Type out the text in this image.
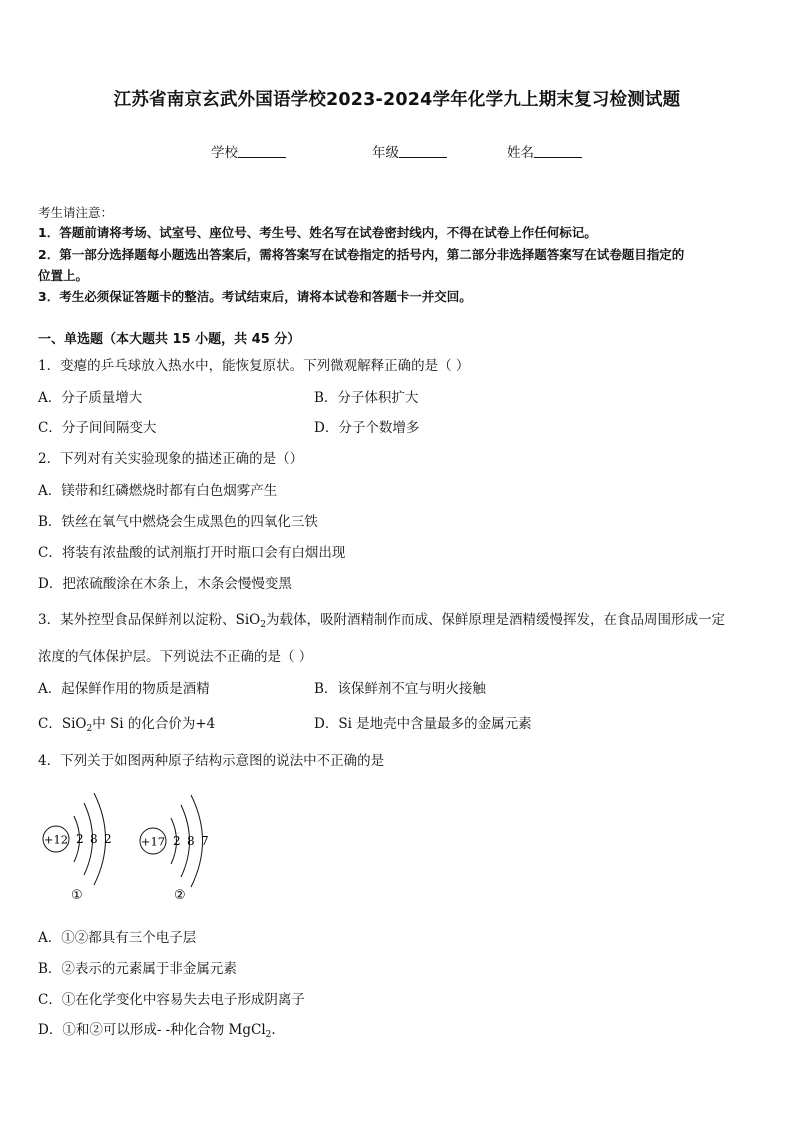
江苏省南京玄武外国语学校2023-2024学年化学九上期末复习检测试题
学校	年级	姓名
考生请注意：
1．答题前请将考场、试室号、座位号、考生号、姓名写在试卷密封线内，不得在试卷上作任何标记。
2．第一部分选择题每小题选出答案后，需将答案写在试卷指定的括号内，第二部分非选择题答案写在试卷题目指定的
位置上。
3．考生必须保证答题卡的整洁。考试结束后，请将本试卷和答题卡一并交回。
一、单选题（本大题共 15 小题，共 45 分）
1．变瘪的乒乓球放入热水中，能恢复原状。下列微观解释正确的是（ ）
A．分子质量增大	B．分子体积扩大
C．分子间间隔变大	D．分子个数增多
2．下列对有关实验现象的描述正确的是（）
A．镁带和红磷燃烧时都有白色烟雾产生
B．铁丝在氧气中燃烧会生成黑色的四氧化三铁
C．将装有浓盐酸的试剂瓶打开时瓶口会有白烟出现
D．把浓硫酸涂在木条上，木条会慢慢变黑
3．某外控型食品保鲜剂以淀粉、SiO$_2$为载体，吸附酒精制作而成、保鲜原理是酒精缓慢挥发，在食品周围形成一定
浓度的气体保护层。下列说法不正确的是（ ）
A．起保鲜作用的物质是酒精	B．该保鲜剂不宜与明火接触
C．SiO$_2$中 Si 的化合价为+4	D．Si 是地壳中含量最多的金属元素
4．下列关于如图两种原子结构示意图的说法中不正确的是
+12 2 8 2
①
+17 2 8 7
②
A．①②都具有三个电子层
B．②表示的元素属于非金属元素
C．①在化学变化中容易失去电子形成阴离子
D．①和②可以形成- -种化合物 MgCl$_2$.
